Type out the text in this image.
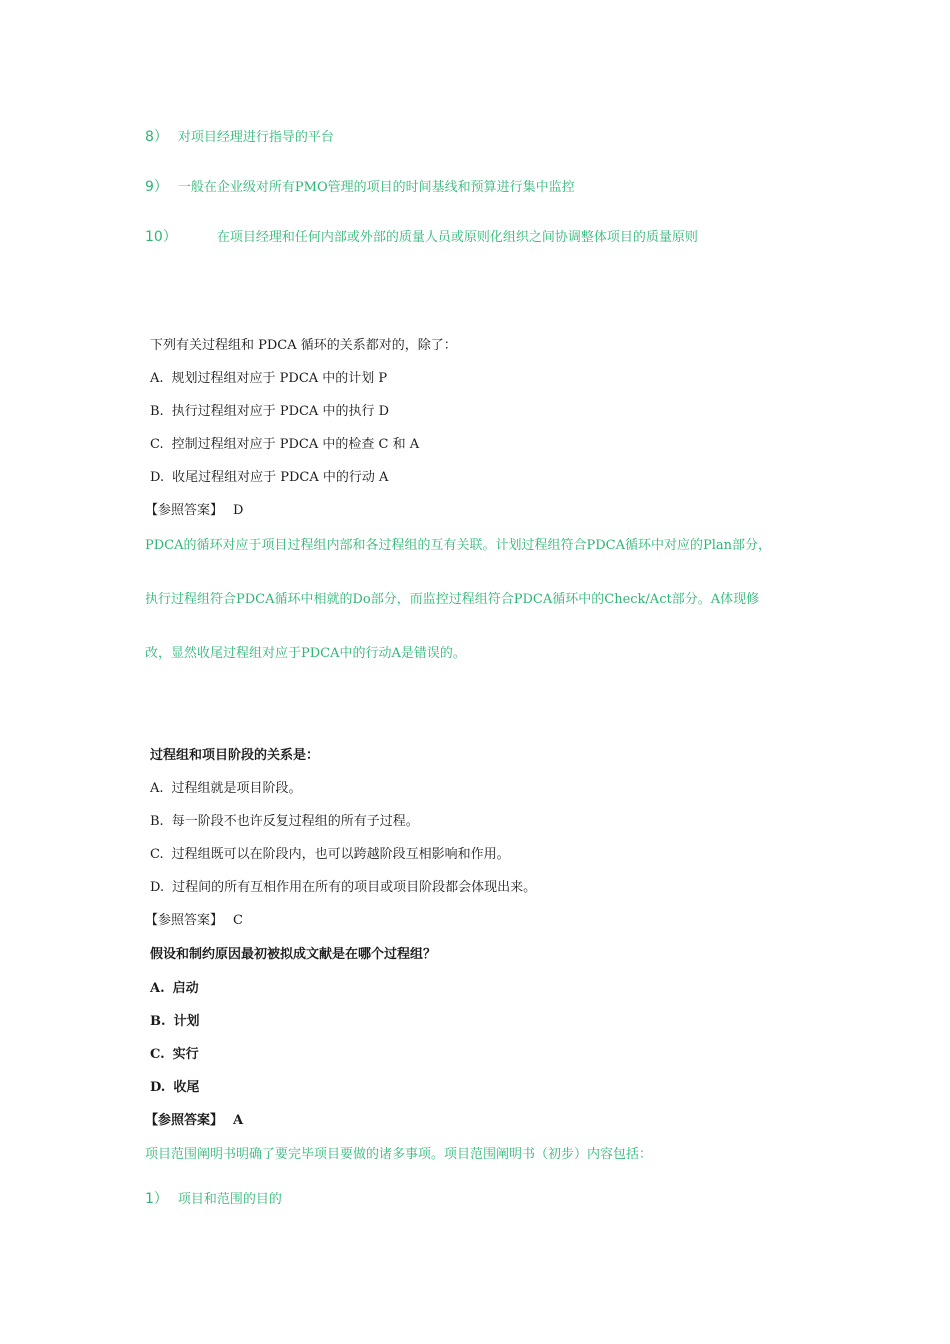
8） 对项目经理进行指导的平台
9） 一般在企业级对所有PMO管理的项目的时间基线和预算进行集中监控
10）	在项目经理和任何内部或外部的质量人员或原则化组织之间协调整体项目的质量原则
下列有关过程组和 PDCA 循环的关系都对的，除了：
A. 规划过程组对应于 PDCA 中的计划 P
B. 执行过程组对应于 PDCA 中的执行 D
C. 控制过程组对应于 PDCA 中的检查 C 和 A
D. 收尾过程组对应于 PDCA 中的行动 A
【参照答案】 D
PDCA的循环对应于项目过程组内部和各过程组的互有关联。计划过程组符合PDCA循环中对应的Plan部分，
执行过程组符合PDCA循环中相就的Do部分，而监控过程组符合PDCA循环中的Check/Act部分。A体现修
改，显然收尾过程组对应于PDCA中的行动A是错误的。
过程组和项目阶段的关系是：
A. 过程组就是项目阶段。
B. 每一阶段不也许反复过程组的所有子过程。
C. 过程组既可以在阶段内，也可以跨越阶段互相影响和作用。
D. 过程间的所有互相作用在所有的项目或项目阶段都会体现出来。
【参照答案】 C
假设和制约原因最初被拟成文献是在哪个过程组？
A. 启动
B. 计划
C. 实行
D. 收尾
【参照答案】 A
项目范围阐明书明确了要完毕项目要做的诸多事项。项目范围阐明书（初步）内容包括：
1） 项目和范围的目的
